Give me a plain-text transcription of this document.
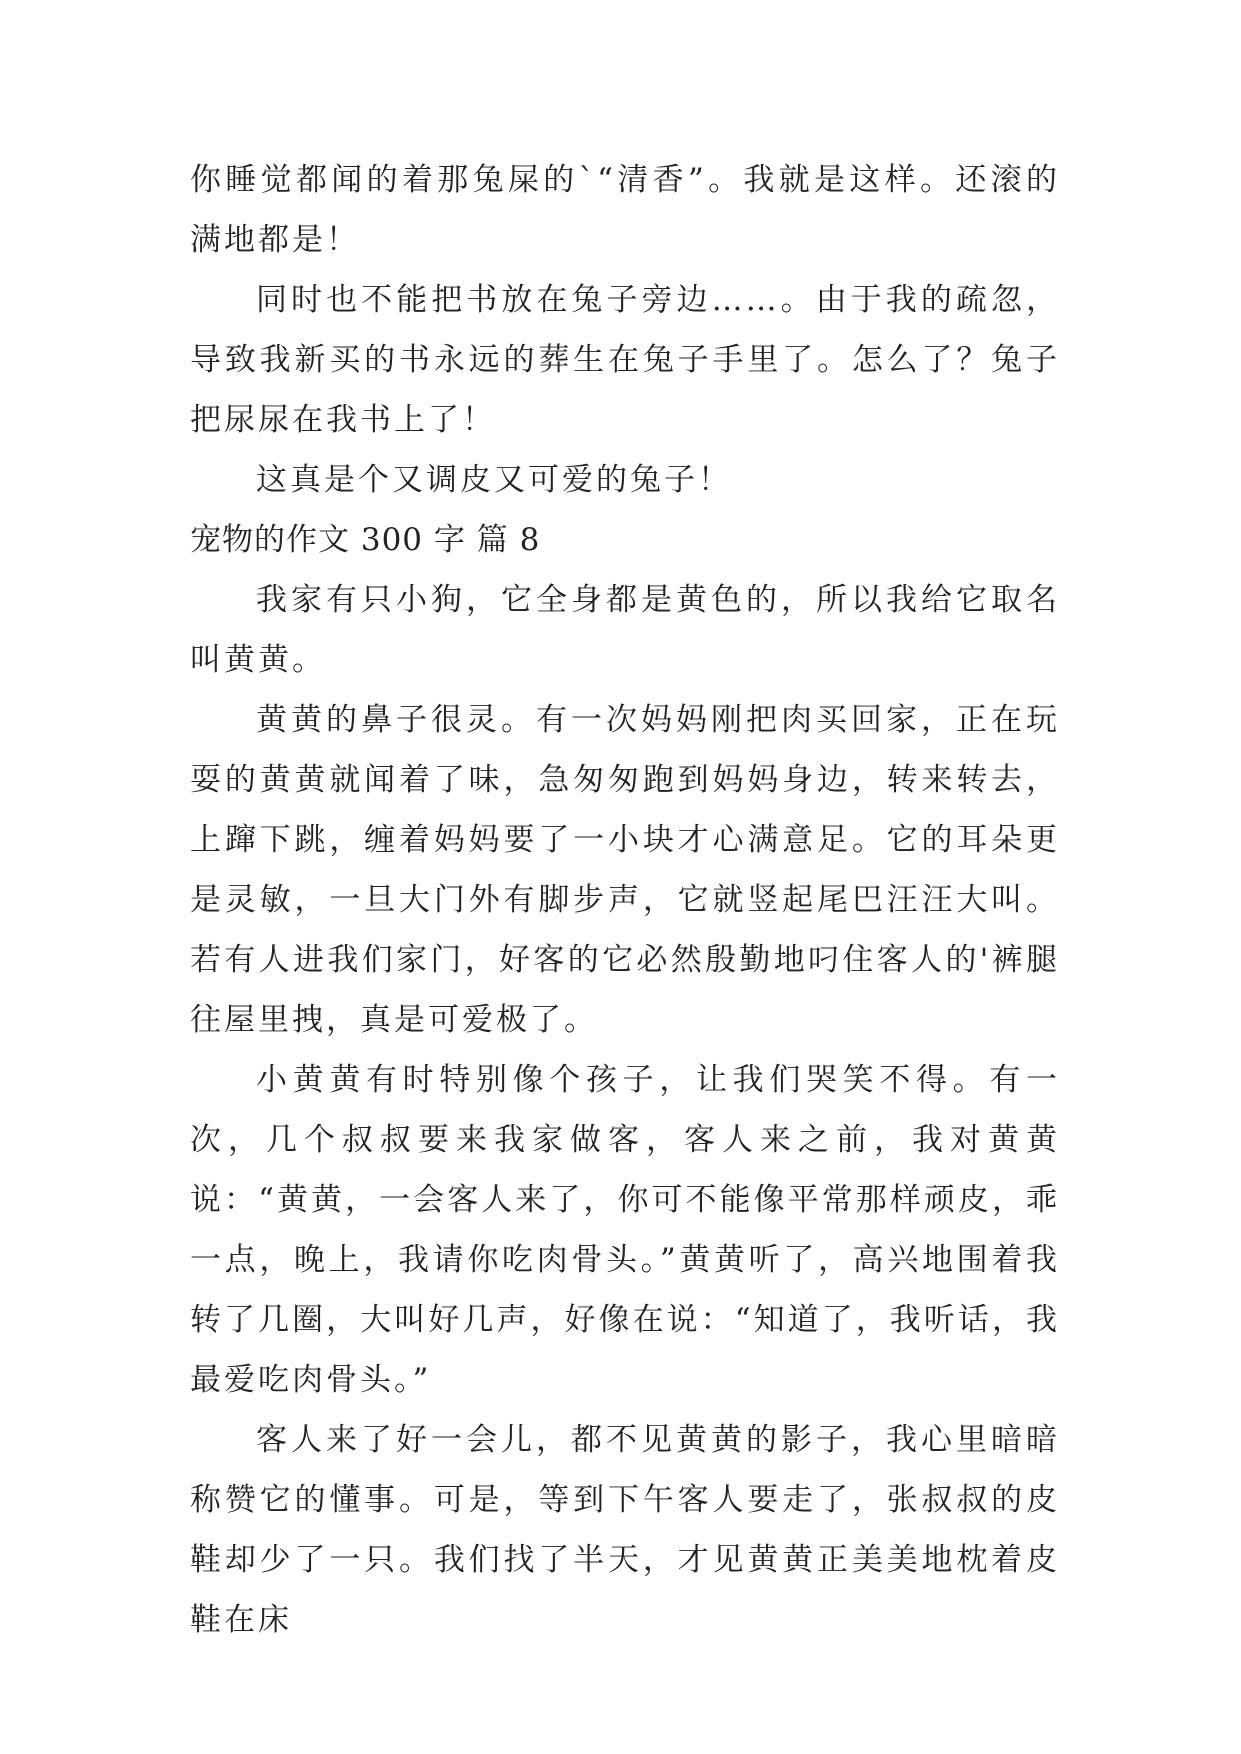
你睡觉都闻的着那兔屎的`“清香”。我就是这样。还滚的满地都是！

同时也不能把书放在兔子旁边……。由于我的疏忽，导致我新买的书永远的葬生在兔子手里了。怎么了？兔子把尿尿在我书上了！

这真是个又调皮又可爱的兔子！

宠物的作文 300 字 篇 8

我家有只小狗，它全身都是黄色的，所以我给它取名叫黄黄。

黄黄的鼻子很灵。有一次妈妈刚把肉买回家，正在玩耍的黄黄就闻着了味，急匆匆跑到妈妈身边，转来转去，上蹿下跳，缠着妈妈要了一小块才心满意足。它的耳朵更是灵敏，一旦大门外有脚步声，它就竖起尾巴汪汪大叫。若有人进我们家门，好客的它必然殷勤地叼住客人的'裤腿往屋里拽，真是可爱极了。

小黄黄有时特别像个孩子，让我们哭笑不得。有一次，几个叔叔要来我家做客，客人来之前，我对黄黄说：“黄黄，一会客人来了，你可不能像平常那样顽皮，乖一点，晚上，我请你吃肉骨头。”黄黄听了，高兴地围着我转了几圈，大叫好几声，好像在说：“知道了，我听话，我最爱吃肉骨头。”

客人来了好一会儿，都不见黄黄的影子，我心里暗暗称赞它的懂事。可是，等到下午客人要走了，张叔叔的皮鞋却少了一只。我们找了半天，才见黄黄正美美地枕着皮鞋在床
